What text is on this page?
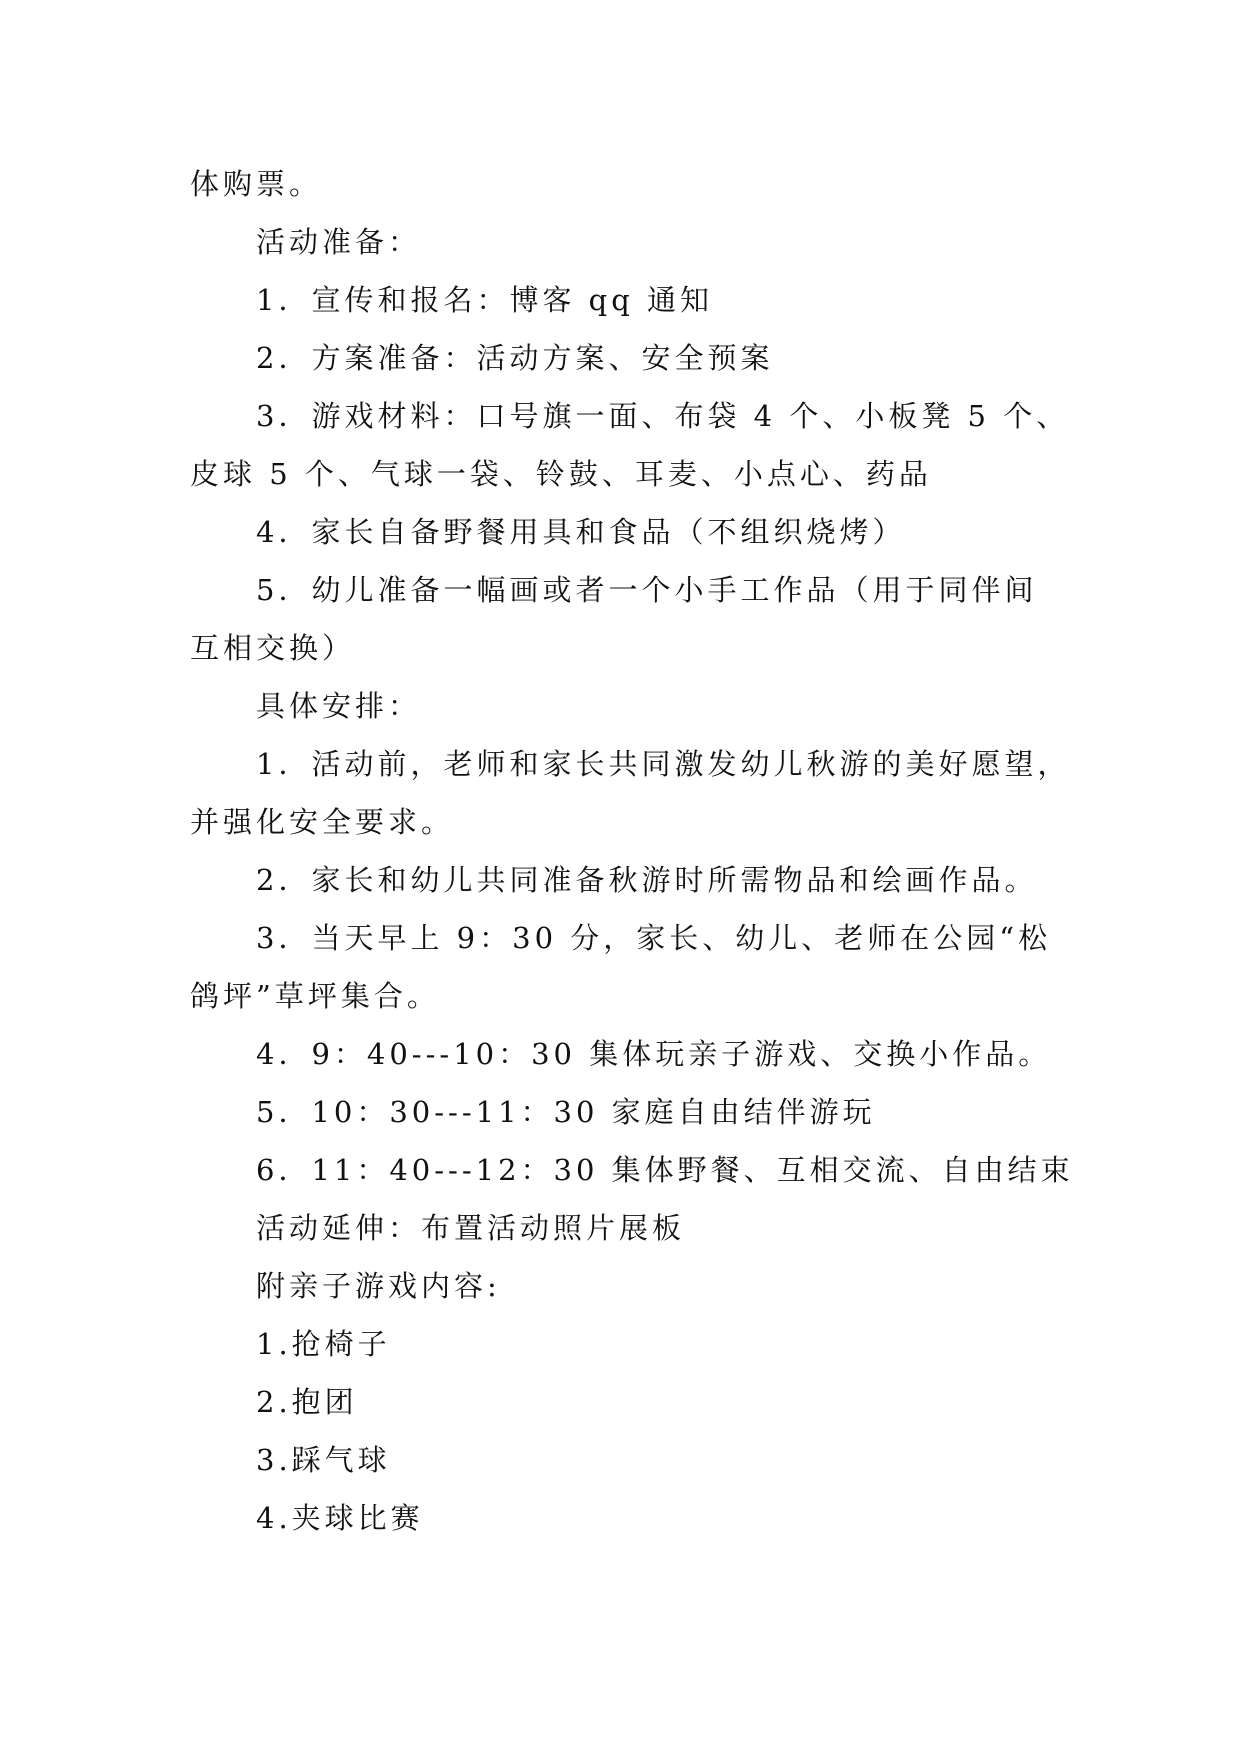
体购票。
活动准备：
1．宣传和报名：博客 qq 通知
2．方案准备：活动方案、安全预案
3．游戏材料：口号旗一面、布袋 4 个、小板凳 5 个、
皮球 5 个、气球一袋、铃鼓、耳麦、小点心、药品
4．家长自备野餐用具和食品（不组织烧烤）
5．幼儿准备一幅画或者一个小手工作品（用于同伴间
互相交换）
具体安排：
1．活动前，老师和家长共同激发幼儿秋游的美好愿望，
并强化安全要求。
2．家长和幼儿共同准备秋游时所需物品和绘画作品。
3．当天早上 9：30 分，家长、幼儿、老师在公园“松
鸽坪”草坪集合。
4．9：40---10：30 集体玩亲子游戏、交换小作品。
5．10：30---11：30 家庭自由结伴游玩
6．11：40---12：30 集体野餐、互相交流、自由结束
活动延伸：布置活动照片展板
附亲子游戏内容:
1.抢椅子
2.抱团
3.踩气球
4.夹球比赛
